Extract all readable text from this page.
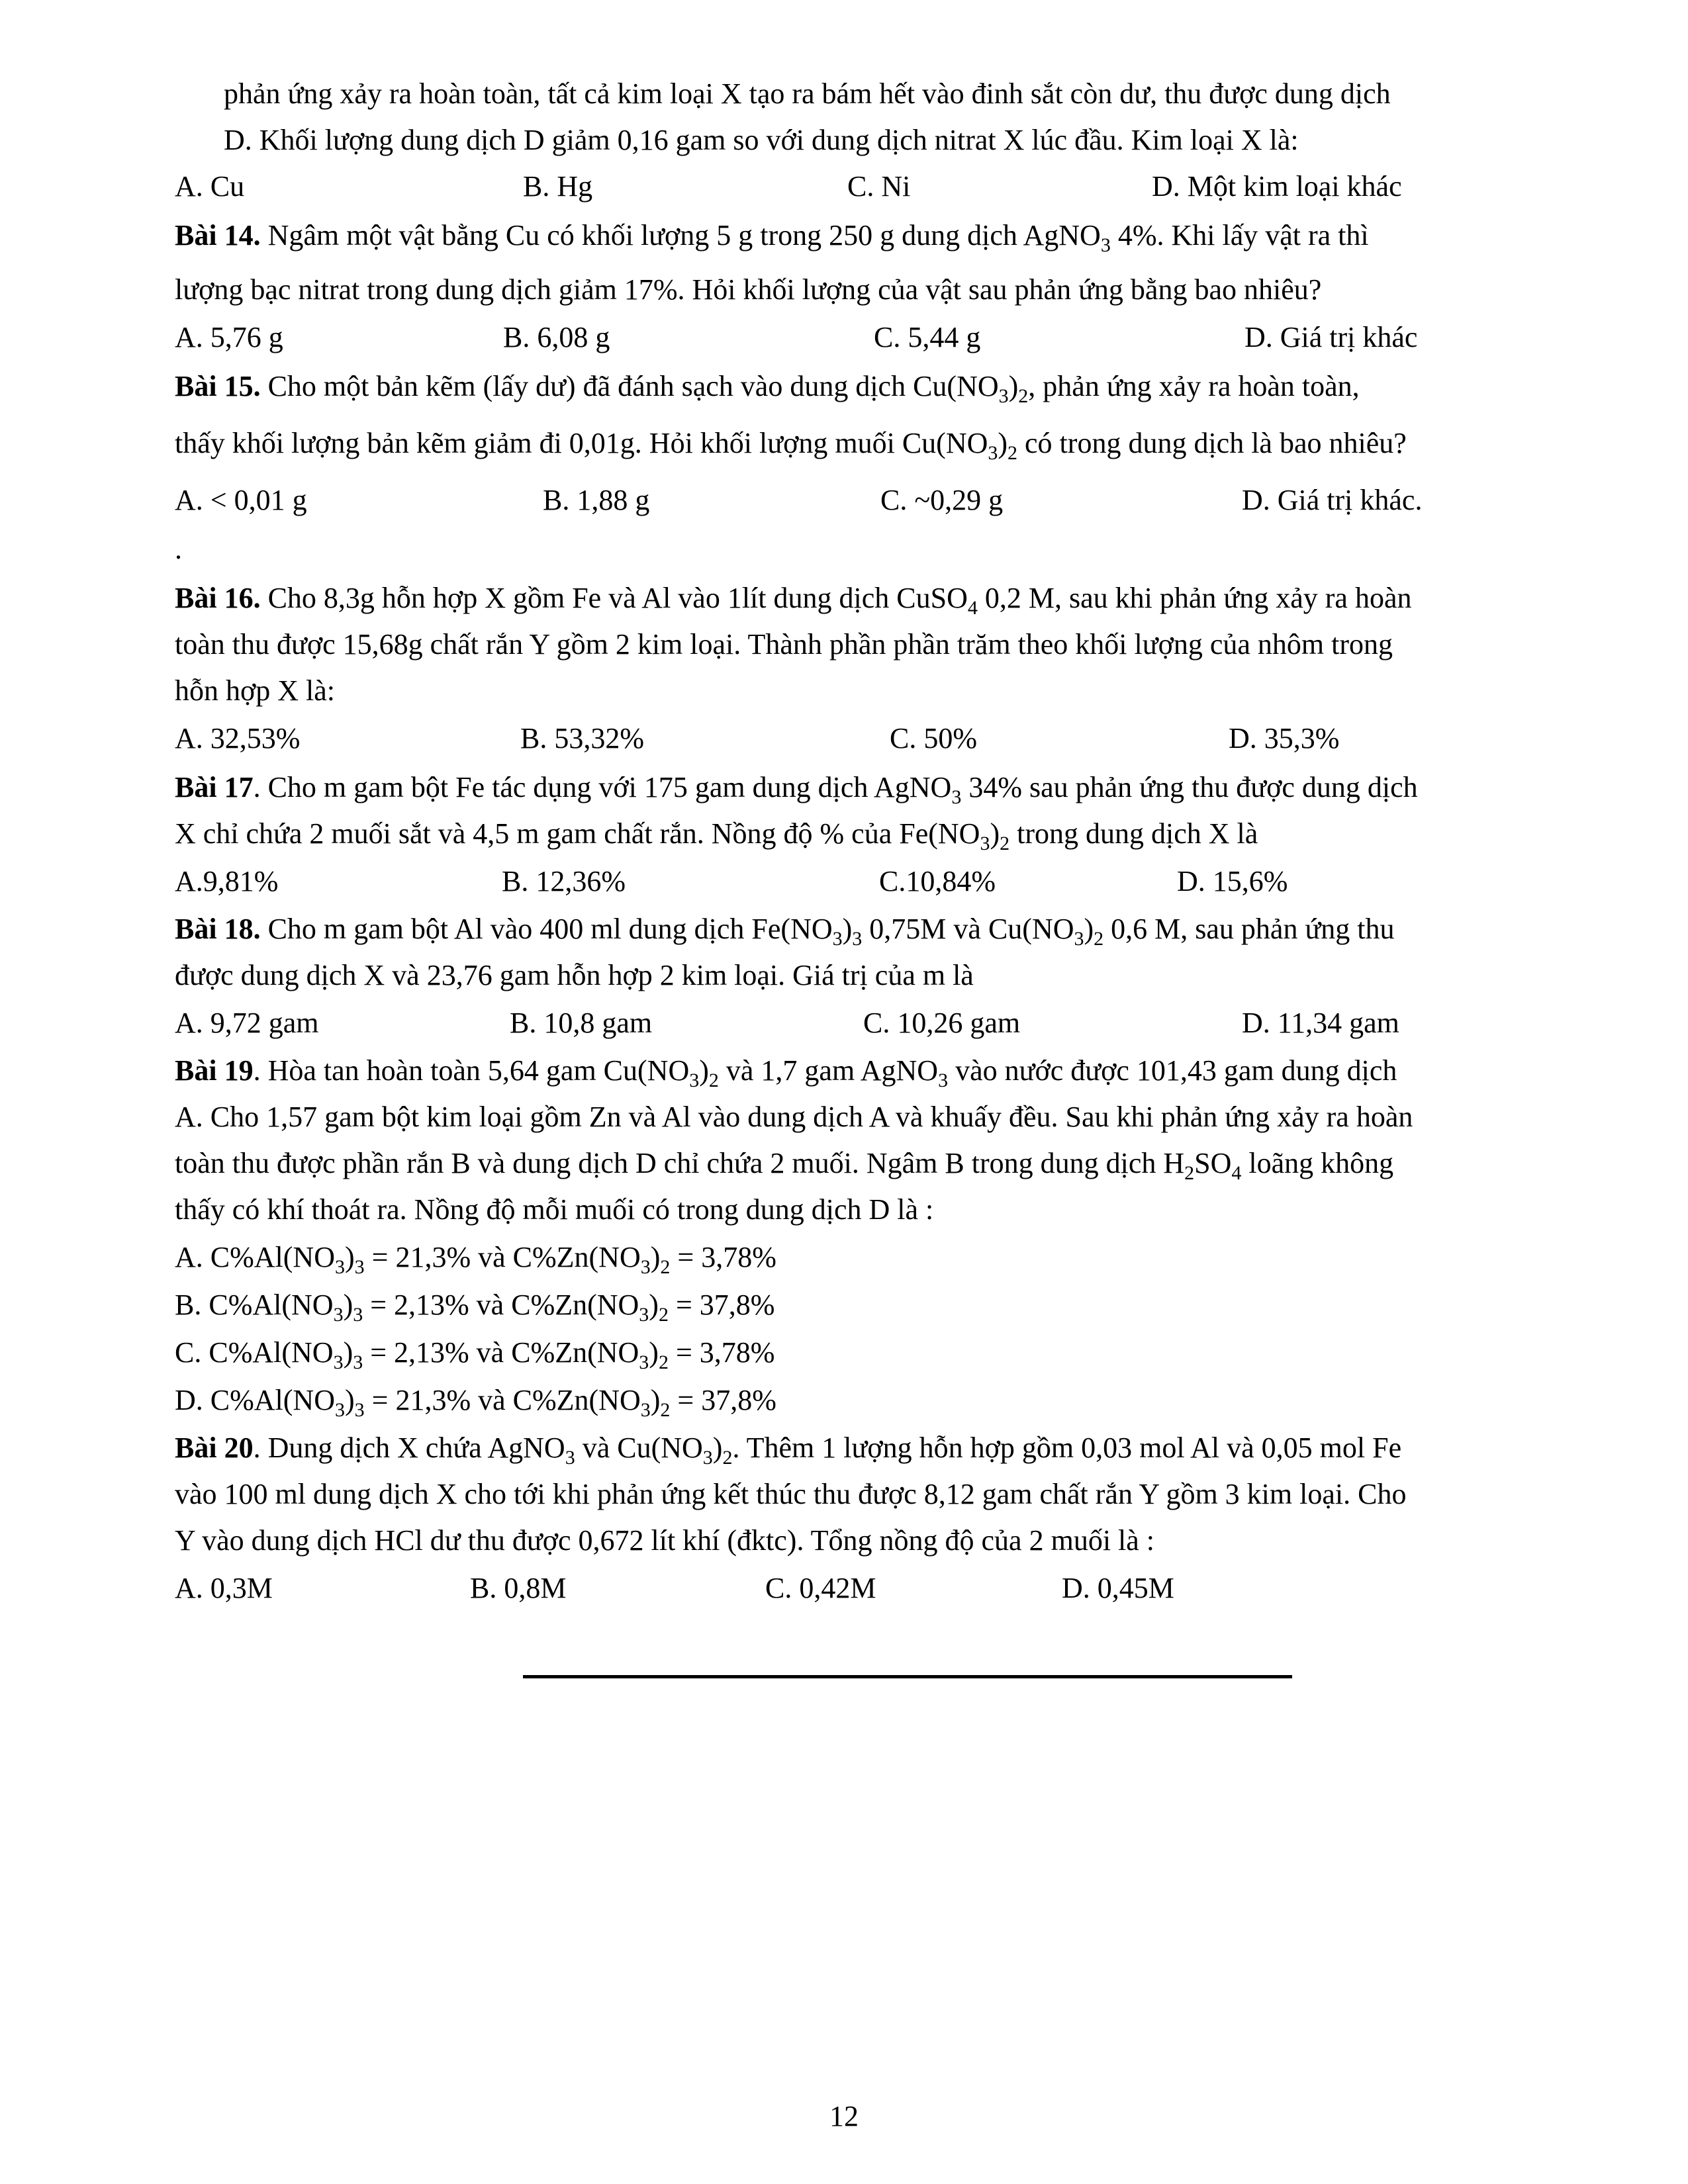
phản ứng xảy ra hoàn toàn, tất cả kim loại X tạo ra bám hết vào đinh sắt còn dư, thu được dung dịch
D. Khối lượng dung dịch D giảm 0,16 gam so với dung dịch nitrat X lúc đầu. Kim loại X là:
A. Cu	B. Hg	C. Ni	D. Một kim loại khác
Bài 14. Ngâm một vật bằng Cu có khối lượng 5 g trong 250 g dung dịch AgNO$_3$ 4%. Khi lấy vật ra thì
lượng bạc nitrat trong dung dịch giảm 17%. Hỏi khối lượng của vật sau phản ứng bằng bao nhiêu?
A. 5,76 g	B. 6,08 g	C. 5,44 g	D. Giá trị khác
Bài 15. Cho một bản kẽm (lấy dư) đã đánh sạch vào dung dịch $Cu(NO_3)_2$, phản ứng xảy ra hoàn toàn,
thấy khối lượng bản kẽm giảm đi 0,01g. Hỏi khối lượng muối $Cu(NO_3)_2$ có trong dung dịch là bao nhiêu?
A. < 0,01 g	B. 1,88 g	C. ~0,29 g	D. Giá trị khác.
.
Bài 16. Cho 8,3g hỗn hợp X gồm Fe và Al vào 1lít dung dịch CuSO$_4$ 0,2 M, sau khi phản ứng xảy ra hoàn
toàn thu được 15,68g chất rắn Y gồm 2 kim loại. Thành phần phần trăm theo khối lượng của nhôm trong
hỗn hợp X là:
A. 32,53%	B. 53,32%	C. 50%	D. 35,3%
Bài 17. Cho m gam bột Fe tác dụng với 175 gam dung dịch AgNO$_3$ 34% sau phản ứng thu được dung dịch
X chỉ chứa 2 muối sắt và 4,5 m gam chất rắn. Nồng độ % của $Fe(NO_3)_2$ trong dung dịch X là
A.9,81%	B. 12,36%	C.10,84%	D. 15,6%
Bài 18. Cho m gam bột Al vào 400 ml dung dịch $Fe(NO_3)_3$ 0,75M và $Cu(NO_3)_2$ 0,6 M, sau phản ứng thu
được dung dịch X và 23,76 gam hỗn hợp 2 kim loại. Giá trị của m là
A. 9,72 gam	B. 10,8 gam	C. 10,26 gam	D. 11,34 gam
Bài 19. Hòa tan hoàn toàn 5,64 gam $Cu(NO_3)_2$ và 1,7 gam AgNO$_3$ vào nước được 101,43 gam dung dịch
A. Cho 1,57 gam bột kim loại gồm Zn và Al vào dung dịch A và khuấy đều. Sau khi phản ứng xảy ra hoàn
toàn thu được phần rắn B và dung dịch D chỉ chứa 2 muối. Ngâm B trong dung dịch $H_2SO_4$ loãng không
thấy có khí thoát ra. Nồng độ mỗi muối có trong dung dịch D là :
A. $C\%Al(NO_3)_3 = 21,3\%$ và $C\%Zn(NO_3)_2 = 3,78\%$
B. $C\%Al(NO_3)_3 = 2,13\%$ và $C\%Zn(NO_3)_2 = 37,8\%$
C. $C\%Al(NO_3)_3 = 2,13\%$ và $C\%Zn(NO_3)_2 = 3,78\%$
D. $C\%Al(NO_3)_3 = 21,3\%$ và $C\%Zn(NO_3)_2 = 37,8\%$
Bài 20. Dung dịch X chứa AgNO$_3$ và $Cu(NO_3)_2$. Thêm 1 lượng hỗn hợp gồm 0,03 mol Al và 0,05 mol Fe
vào 100 ml dung dịch X cho tới khi phản ứng kết thúc thu được 8,12 gam chất rắn Y gồm 3 kim loại. Cho
Y vào dung dịch HCl dư thu được 0,672 lít khí (đktc). Tổng nồng độ của 2 muối là :
A. 0,3M	B. 0,8M	C. 0,42M	D. 0,45M
12
